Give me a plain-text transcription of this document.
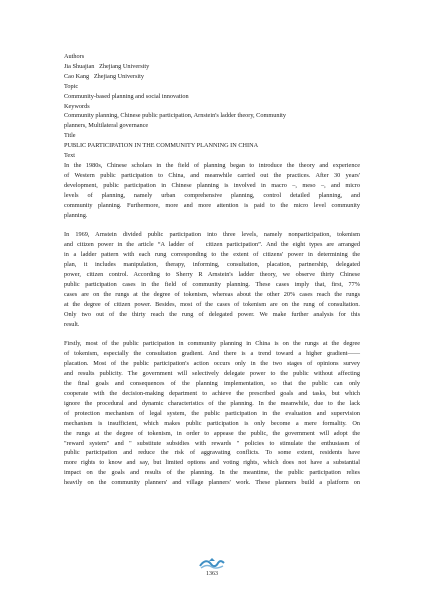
Authors
Jia Shuajian   Zhejiang University
Cao Kang   Zhejiang University
Topic
Community-based planning and social innovation
Keywords
Community planning, Chinese public participation, Arnstein's ladder theory, Community
planners, Multilateral governance
Title
PUBLIC PARTICIPATION IN THE COMMUNITY PLANNING IN CHINA
Text
In the 1980s, Chinese scholars in the field of planning began to introduce the theory and experience
of Western public participation to China, and meanwhile carried out the practices. After 30 years'
development, public participation in Chinese planning is involved in macro –, meso –, and micro
levels of planning, namely urban comprehensive planning, control detailed planning, and
community planning. Furthermore, more and more attention is paid to the micro level community
planning.
In 1969, Arnstein divided public participation into three levels, namely nonparticipation, tokenism
and citizen power in the article “A ladder of   citizen participation”. And the eight types are arranged
in a ladder pattern with each rung corresponding to the extent of citizens' power in determining the
plan, it includes manipulation, therapy, informing, consultation, placation, partnership, delegated
power, citizen control. According to Sherry R Arnstein's ladder theory, we observe thirty Chinese
public participation cases in the field of community planning. These cases imply that, first, 77%
cases are on the rungs at the degree of tokenism, whereas about the other 20% cases reach the rungs
at the degree of citizen power. Besides, most of the cases of tokenism are on the rung of consultation.
Only two out of the thirty reach the rung of delegated power. We make further analysis for this
result.
Firstly, most of the public participation in community planning in China is on the rungs at the degree
of tokenism, especially the consultation gradient. And there is a trend toward a higher gradient——
placation. Most of the public participation's action occurs only in the two stages of opinions survey
and results publicity. The government will selectively delegate power to the public without affecting
the final goals and consequences of the planning implementation, so that the public can only
cooperate with the decision-making department to achieve the prescribed goals and tasks, but which
ignore the procedural and dynamic characteristics of the planning. In the meanwhile, due to the lack
of protection mechanism of legal system, the public participation in the evaluation and supervision
mechanism is insufficient, which makes public participation is only become a mere formality. On
the rungs at the degree of tokenism, in order to appease the public, the government will adopt the
"reward system" and " substitute subsidies with rewards " policies to stimulate the enthusiasm of
public participation and reduce the risk of aggravating conflicts. To some extent, residents have
more rights to know and say, but limited options and voting rights, which does not have a substantial
impact on the goals and results of the planning. In the meantime, the public participation relies
heavily on the community planners' and village planners' work. These planners build a platform on
1363
